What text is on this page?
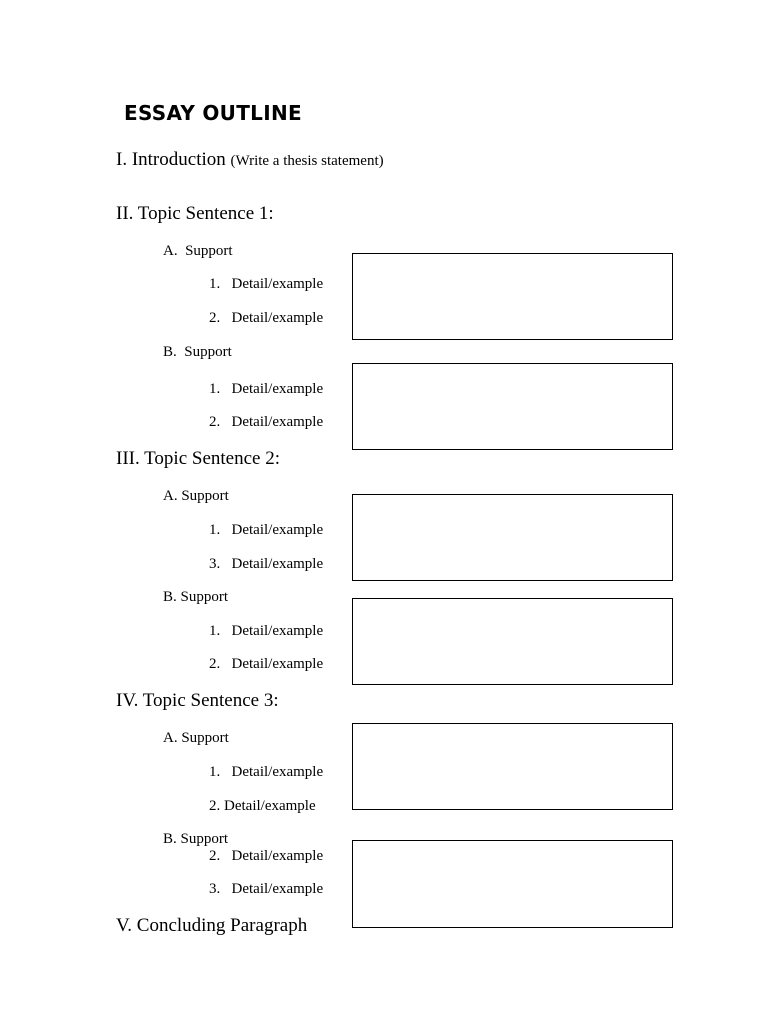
ESSAY OUTLINE
I. Introduction (Write a thesis statement)
II. Topic Sentence 1:
A.  Support
1.   Detail/example
2.   Detail/example
B.  Support
1.   Detail/example
2.   Detail/example
III. Topic Sentence 2:
A. Support
1.   Detail/example
3.   Detail/example
B. Support
1.   Detail/example
2.   Detail/example
IV. Topic Sentence 3:
A. Support
1.   Detail/example
2. Detail/example
B. Support
2.   Detail/example
3.   Detail/example
V. Concluding Paragraph
